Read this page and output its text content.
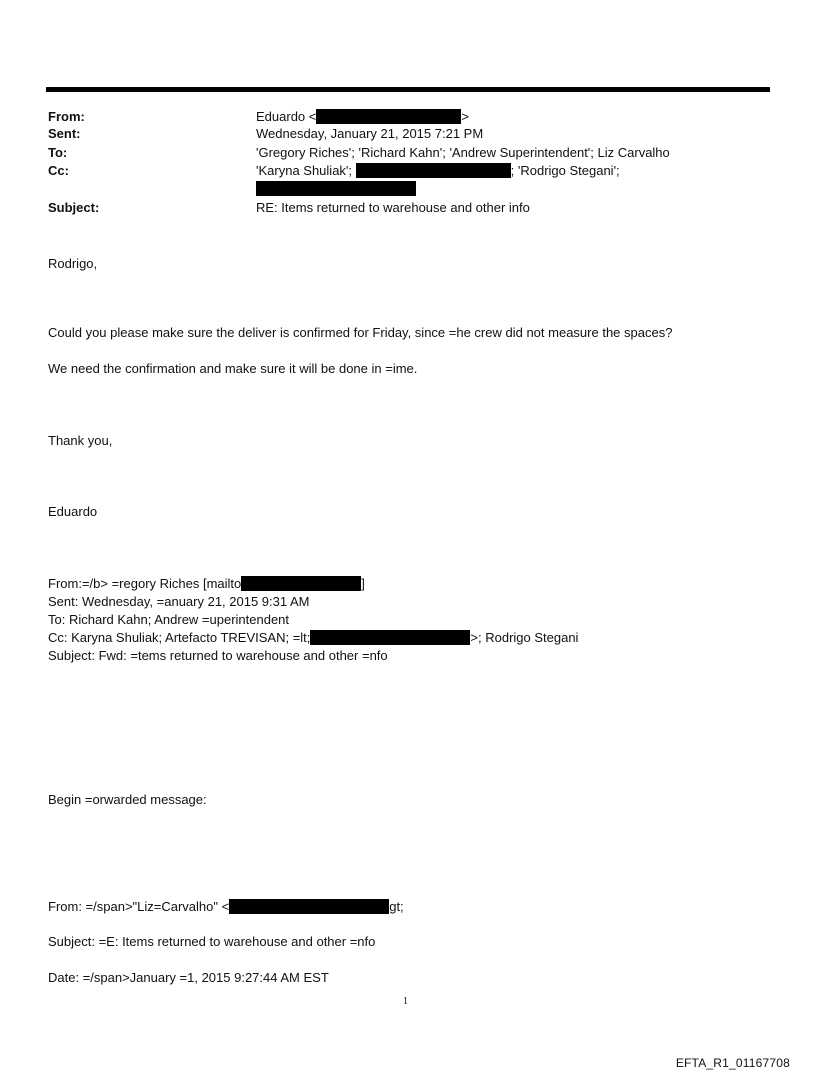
From:	Eduardo <	>
Sent:	Wednesday, January 21, 2015 7:21 PM
To:	'Gregory Riches'; 'Richard Kahn'; 'Andrew Superintendent'; Liz Carvalho
Cc:	'Karyna Shuliak';	; 'Rodrigo Stegani';
Subject:	RE: Items returned to warehouse and other info
Rodrigo,
Could you please make sure the deliver is confirmed for Friday, since =he crew did not measure the spaces?
We need the confirmation and make sure it will be done in =ime.
Thank you,
Eduardo
From:=/b> =regory Riches [mailto	]
Sent: Wednesday, =anuary 21, 2015 9:31 AM
To: Richard Kahn; Andrew =uperintendent
Cc: Karyna Shuliak; Artefacto TREVISAN; =lt;	>; Rodrigo Stegani
Subject: Fwd: =tems returned to warehouse and other =nfo
Begin =orwarded message:
From: =/span>"Liz=Carvalho" <	gt;
Subject: =E: Items returned to warehouse and other =nfo
Date: =/span>January =1, 2015 9:27:44 AM EST
1
EFTA_R1_01167708
